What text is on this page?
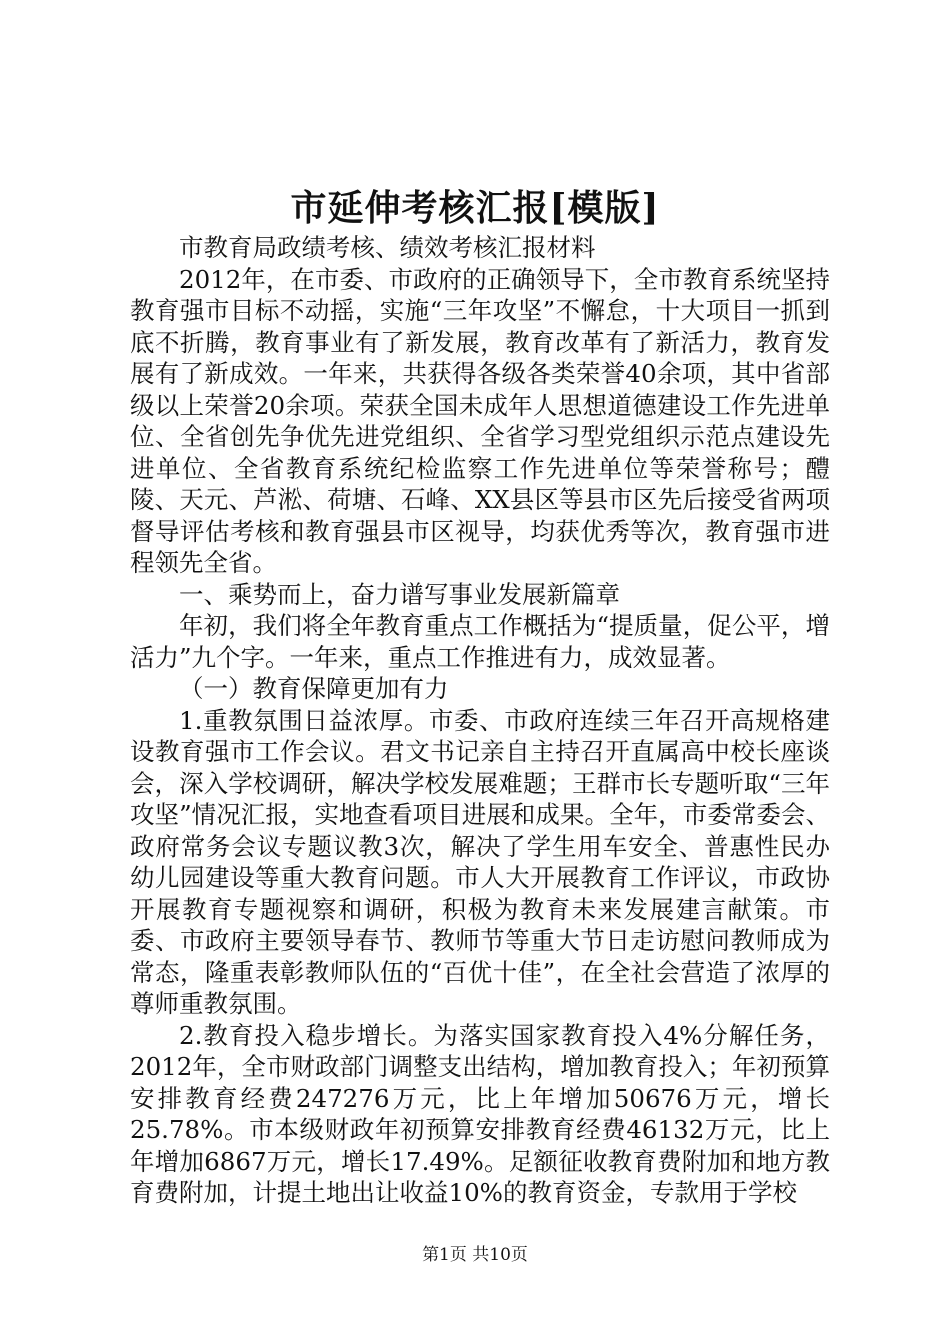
市延伸考核汇报[模版]

市教育局政绩考核、绩效考核汇报材料

2012年，在市委、市政府的正确领导下，全市教育系统坚持教育强市目标不动摇，实施“三年攻坚”不懈怠，十大项目一抓到底不折腾，教育事业有了新发展，教育改革有了新活力，教育发展有了新成效。一年来，共获得各级各类荣誉40余项，其中省部级以上荣誉20余项。荣获全国未成年人思想道德建设工作先进单位、全省创先争优先进党组织、全省学习型党组织示范点建设先进单位、全省教育系统纪检监察工作先进单位等荣誉称号；醴陵、天元、芦淞、荷塘、石峰、XX县区等县市区先后接受省两项督导评估考核和教育强县市区视导，均获优秀等次，教育强市进程领先全省。

一、乘势而上，奋力谱写事业发展新篇章

年初，我们将全年教育重点工作概括为“提质量，促公平，增活力”九个字。一年来，重点工作推进有力，成效显著。

（一）教育保障更加有力

1.重教氛围日益浓厚。市委、市政府连续三年召开高规格建设教育强市工作会议。君文书记亲自主持召开直属高中校长座谈会，深入学校调研，解决学校发展难题；王群市长专题听取“三年攻坚”情况汇报，实地查看项目进展和成果。全年，市委常委会、政府常务会议专题议教3次，解决了学生用车安全、普惠性民办幼儿园建设等重大教育问题。市人大开展教育工作评议，市政协开展教育专题视察和调研，积极为教育未来发展建言献策。市委、市政府主要领导春节、教师节等重大节日走访慰问教师成为常态，隆重表彰教师队伍的“百优十佳”，在全社会营造了浓厚的尊师重教氛围。

2.教育投入稳步增长。为落实国家教育投入4%分解任务，2012年，全市财政部门调整支出结构，增加教育投入；年初预算安排教育经费247276万元，比上年增加50676万元，增长25.78%。市本级财政年初预算安排教育经费46132万元，比上年增加6867万元，增长17.49%。足额征收教育费附加和地方教育费附加，计提土地出让收益10%的教育资金，专款用于学校

第1页 共10页
